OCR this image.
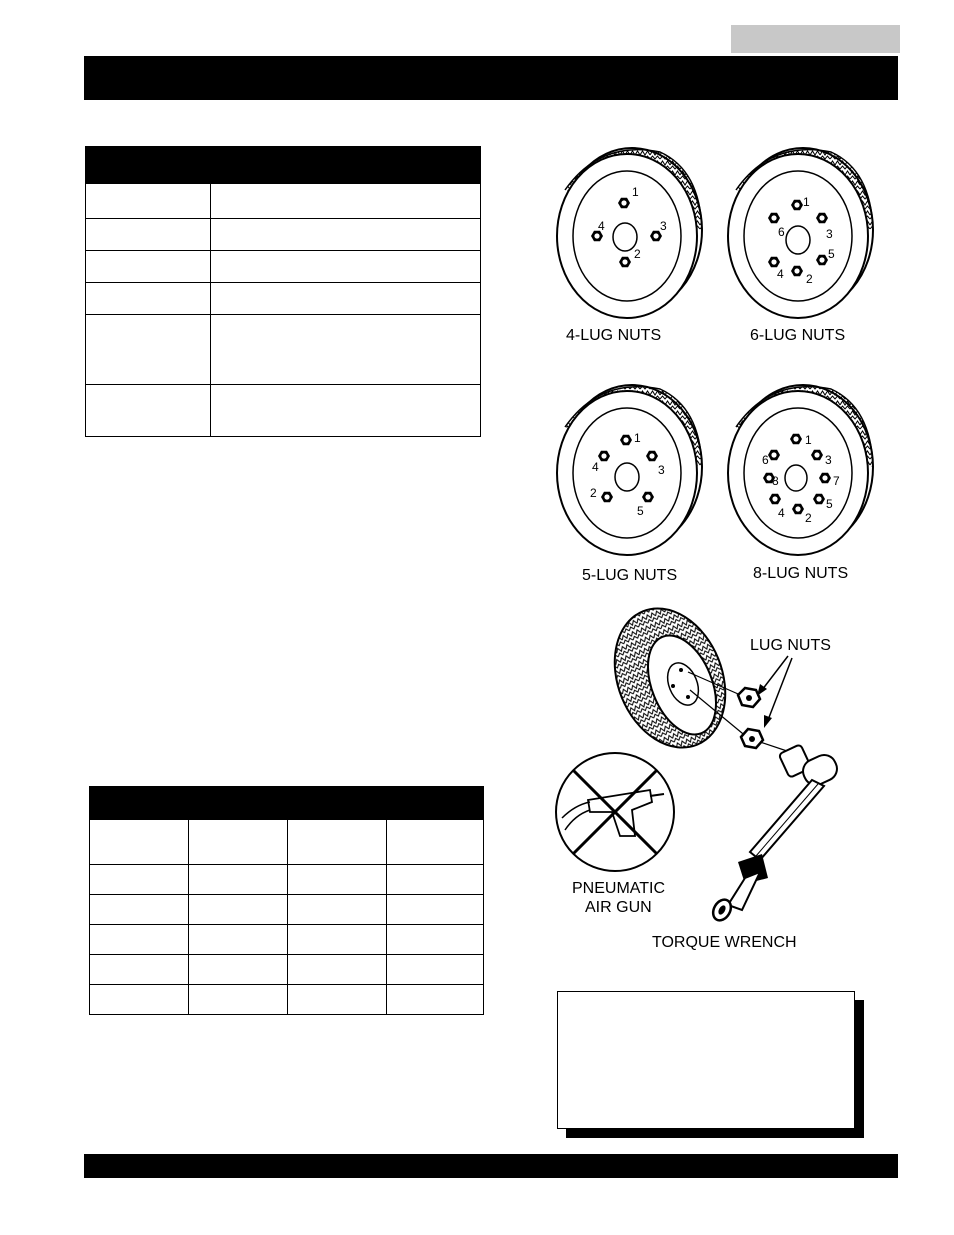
1
2
3
4
4-LUG NUTS
1
2
3
4
5
6
6-LUG NUTS
1
2
3
4
5
5-LUG NUTS
1
2
3
4
5
6
7
8
8-LUG NUTS
LUG NUTS
TORQUE WRENCH
PNEUMATIC
AIR GUN
